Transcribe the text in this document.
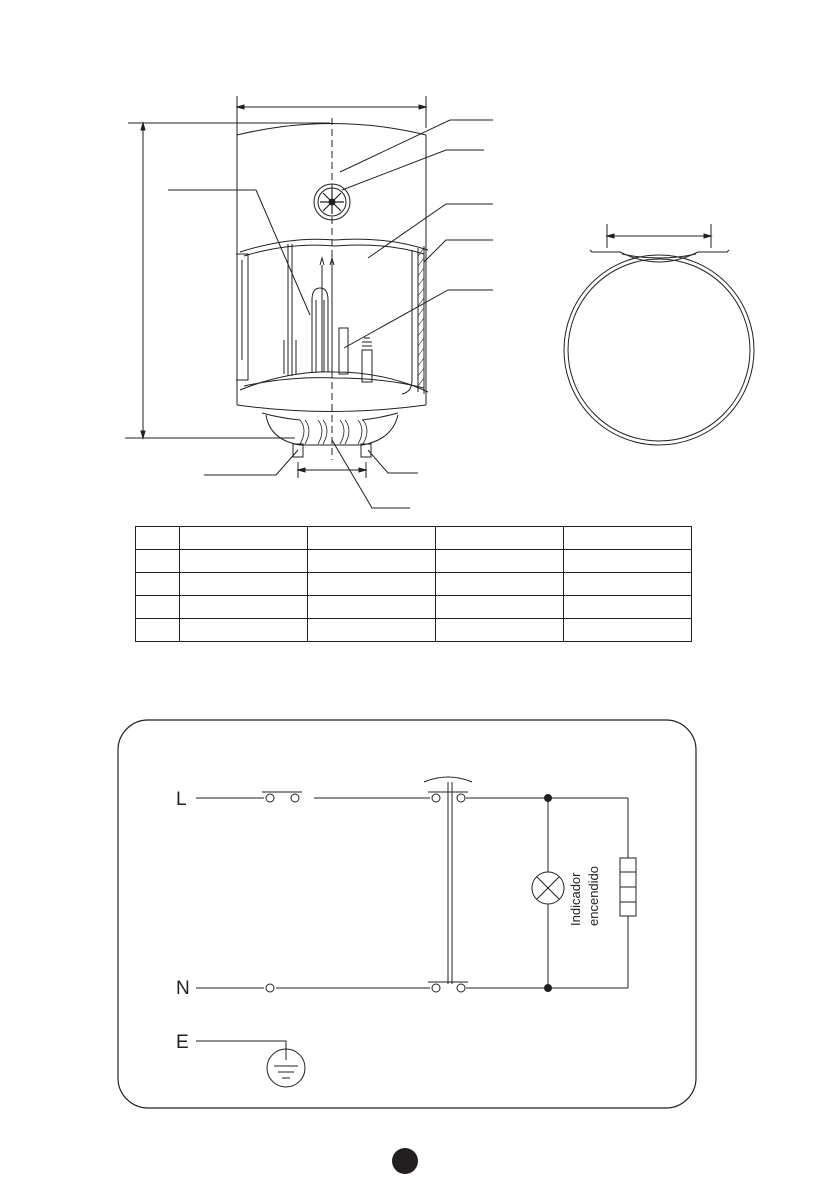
L
N
Indicador encendido
E
